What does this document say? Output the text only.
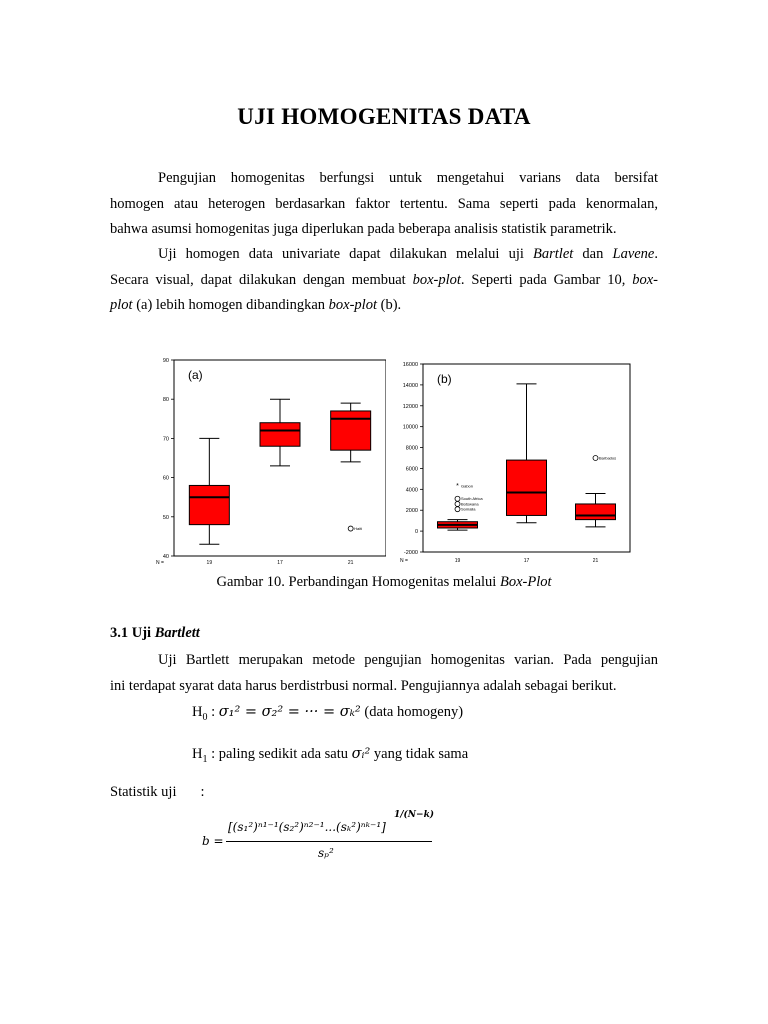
UJI HOMOGENITAS DATA
Pengujian homogenitas berfungsi untuk mengetahui varians data bersifat
homogen atau heterogen berdasarkan faktor tertentu. Sama seperti pada kenormalan,
bahwa asumsi homogenitas juga diperlukan pada beberapa analisis statistik parametrik.
Uji homogen data univariate dapat dilakukan melalui uji Bartlet dan Lavene.
Secara visual, dapat dilakukan dengan membuat box-plot. Seperti pada Gambar 10, box-
plot (a) lebih homogen dibandingkan box-plot (b).
40
50
60
70
80
90
(a)
N =	19	17	21
Haiti
-2000
0
2000
4000
6000
8000
10000
12000
14000
16000
(b)
N =	19	17	21
South Africa
Botswana
Somalia
Barbados
* Gabon
Gambar 10. Perbandingan Homogenitas melalui Box-Plot
3.1 Uji Bartlett
Uji Bartlett merupakan metode pengujian homogenitas varian. Pada pengujian
ini terdapat syarat data harus berdistrbusi normal. Pengujiannya adalah sebagai berikut.
$H_0$ : σ₁² = σ₂² = ··· = σₖ² (data homogeny)
$H_1$ : paling sedikit ada satu σᵢ² yang tidak sama
Statistik uji :
b =
[(s₁²)ⁿ¹⁻¹(s₂²)ⁿ²⁻¹...(sₖ²)ⁿᵏ⁻¹]
1/(N−k)
sₚ²
